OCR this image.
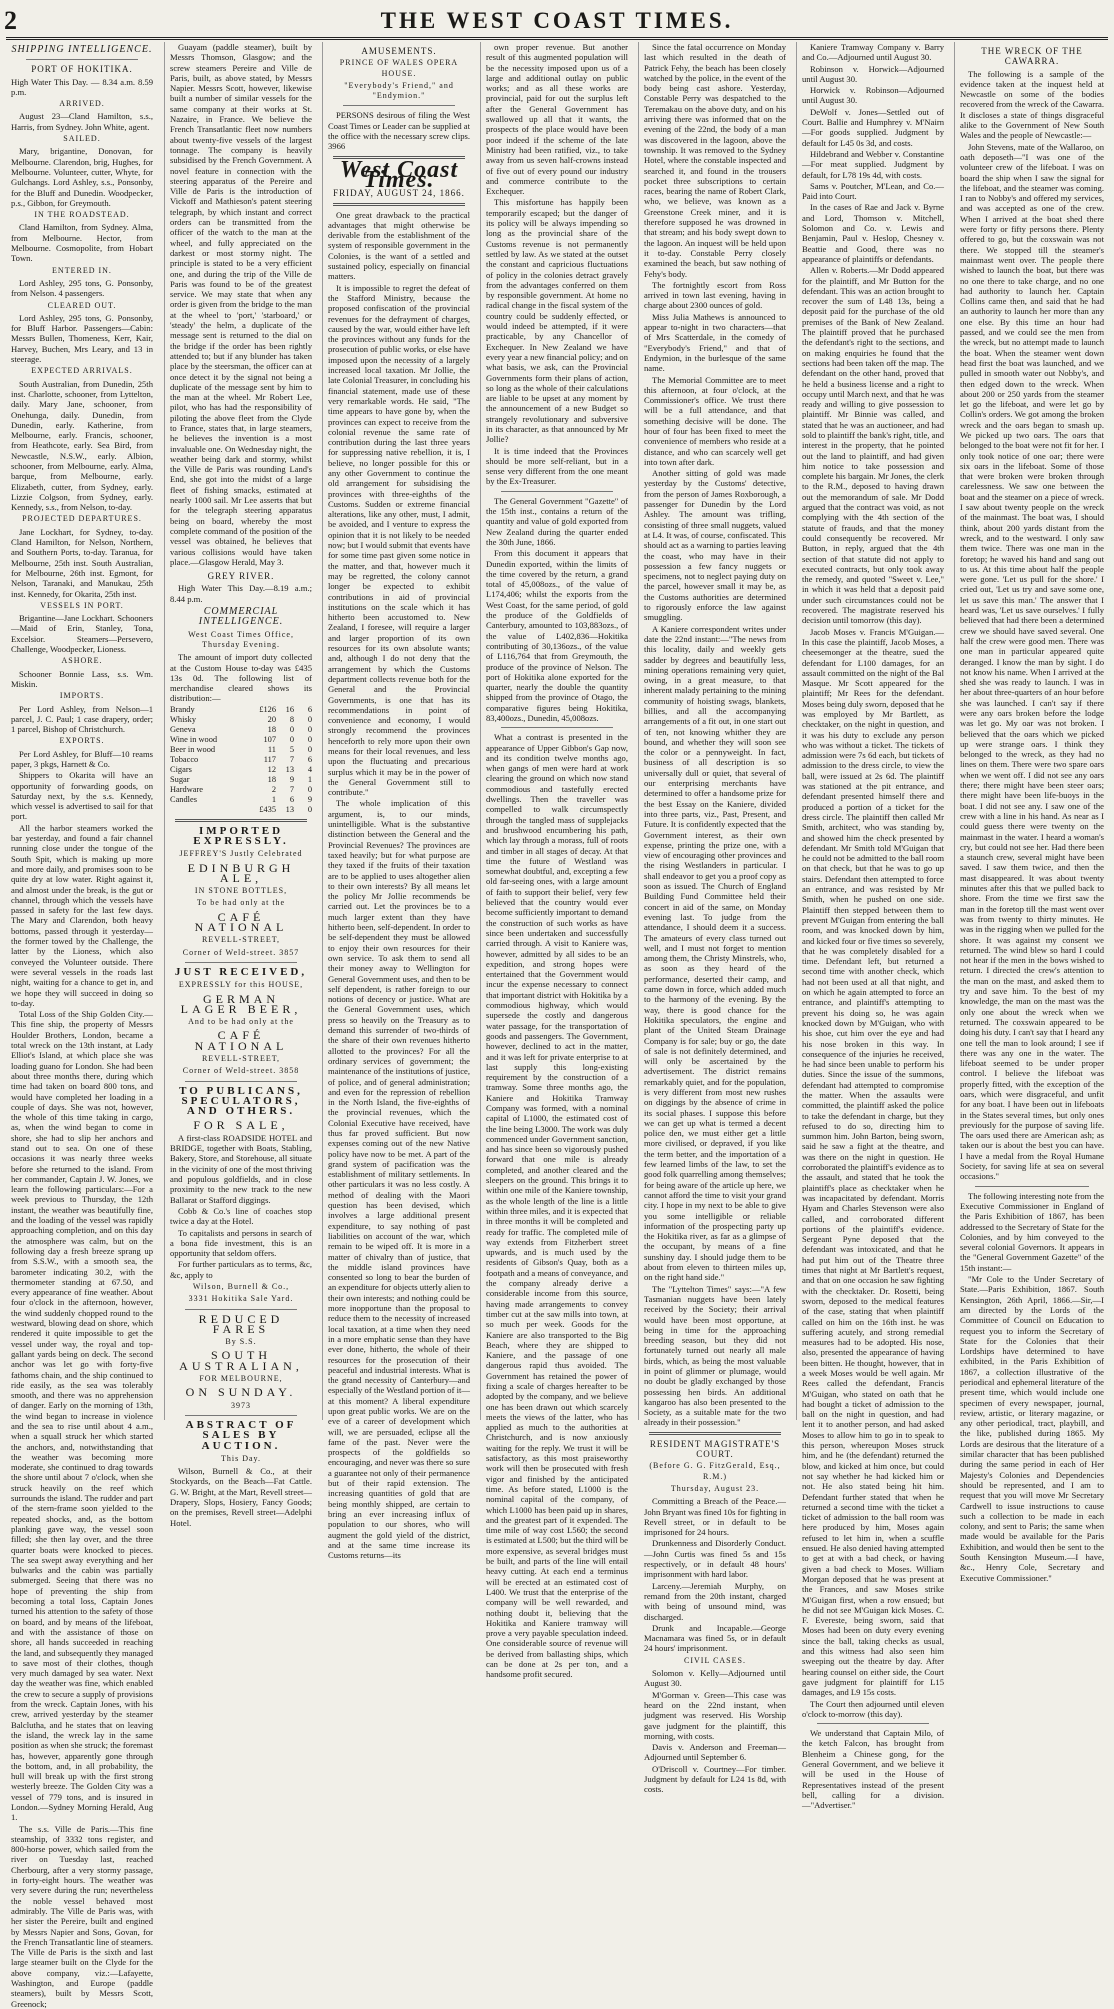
2	THE WEST COAST TIMES.
SHIPPING INTELLIGENCE.
PORT OF HOKITIKA.

High Water This Day. — 8.34 a.m. 8.59 p.m.

ARRIVED.

August 23—Cland Hamilton, s.s., Harris, from Sydney. John White, agent.

SAILED.

Mary, brigantine, Donovan, for Melbourne. Clarendon, brig, Hughes, for Melbourne. Volunteer, cutter, Whyte, for Gulchangs. Lord Ashley, s.s., Ponsonby, for the Bluff and Dunedin. Woodpecker, p.s., Gibbon, for Greymouth.

IN THE ROADSTEAD.

Cland Hamilton, from Sydney. Alma, from Melbourne. Hector, from Melbourne. Cosmopolite, from Hobart Town.

ENTERED IN.

Lord Ashley, 295 tons, G. Ponsonby, from Nelson. 4 passengers.

CLEARED OUT.

Lord Ashley, 295 tons, G. Ponsonby, for Bluff Harbor. Passengers—Cabin: Messrs Bullen, Thomeness, Kerr, Kair, Harvey, Buchen, Mrs Leary, and 13 in steerage.

EXPECTED ARRIVALS.

South Australian, from Dunedin, 25th inst. Charlotte, schooner, from Lyttelton, daily. Mary Jane, schooner, from Onehunga, daily. Dunedin, from Dunedin, early. Katherine, from Melbourne, early. Francis, schooner, from Heathcote, early. Sea Bird, from Newcastle, N.S.W., early. Albion, schooner, from Melbourne, early. Alma, barque, from Melbourne, early. Elizabeth, cutter, from Sydney, early. Lizzie Colgson, from Sydney, early. Kennedy, s.s., from Nelson, to-day.

PROJECTED DEPARTURES.

Jane Lockhart, for Sydney, to-day. Cland Hamilton, for Nelson, Northern, and Southern Ports, to-day. Taranua, for Melbourne, 25th inst. South Australian, for Melbourne, 26th inst. Egmont, for Nelson, Taranaki, and Manukau, 25th inst. Kennedy, for Okarita, 25th inst.

VESSELS IN PORT.

Brigantine—Jane Lockhart. Schooners—Maid of Erin, Stanley, Tona, Excelsior. Steamers—Persevero, Challenge, Woodpecker, Lioness.

ASHORE.

Schooner Bonnie Lass, s.s. Wm. Miskin.

IMPORTS.

Per Lord Ashley, from Nelson—1 parcel, J. C. Paul; 1 case drapery, order; 1 parcel, Bishop of Christchurch.

EXPORTS.

Per Lord Ashley, for Bluff—10 reams paper, 3 pkgs, Harnett & Co.

Shippers to Okarita will have an opportunity of forwarding goods, on Saturday next, by the s.s. Kennedy, which vessel is advertised to sail for that port.

All the harbor steamers worked the bar yesterday, and found a fair channel running close under the tongue of the South Spit, which is making up more and more daily, and promises soon to be quite dry at low water. Right against it, and almost under the break, is the gut or channel, through which the vessels have passed in safety for the last few days. The Mary and Clarendon, both heavy bottoms, passed through it yesterday—the former towed by the Challenge, the latter by the Lioness, which also conveyed the Volunteer outside. There were several vessels in the roads last night, waiting for a chance to get in, and we hope they will succeed in doing so to-day.

Total Loss of the Ship Golden City.—This fine ship, the property of Messrs Houlder Brothers, London, became a total wreck on the 13th instant, at Lady Elliot's Island, at which place she was loading guano for London. She had been about three months there, during which time had taken on board 800 tons, and would have completed her loading in a couple of days. She was not, however, the whole of this time taking in cargo, as, when the wind began to come in shore, she had to slip her anchors and stand out to sea. On one of these occasions it was nearly three weeks before she returned to the island. From her commander, Captain J. W. Jones, we learn the following particulars:—For a week previous to Thursday, the 12th instant, the weather was beautifully fine, and the loading of the vessel was rapidly approaching completion, and on this day the atmosphere was calm, but on the following day a fresh breeze sprang up from S.S.W., with a smooth sea, the barometer indicating 30.2, with the thermometer standing at 67.50, and every appearance of fine weather. About four o'clock in the afternoon, however, the wind suddenly chopped round to the westward, blowing dead on shore, which rendered it quite impossible to get the vessel under way, the royal and top-gallant yards being on deck. The second anchor was let go with forty-five fathoms chain, and the ship continued to ride easily, as the sea was tolerably smooth, and there was no apprehension of danger. Early on the morning of 13th, the wind began to increase in violence and the sea to rise until about 4 a.m., when a squall struck her which started the anchors, and, notwithstanding that the weather was becoming more moderate, she continued to drag towards the shore until about 7 o'clock, when she struck heavily on the reef which surrounds the island. The rudder and part of the stern-frame soon yielded to the repeated shocks, and, as the bottom planking gave way, the vessel soon filled; she then lay over, and the three quarter boats were knocked to pieces. The sea swept away everything and her bulwarks and the cabin was partially submerged. Seeing that there was no hope of preventing the ship from becoming a total loss, Captain Jones turned his attention to the safety of those on board, and by means of the lifeboat, and with the assistance of those on shore, all hands succeeded in reaching the land, and subsequently they managed to save most of their clothes, though very much damaged by sea water. Next day the weather was fine, which enabled the crew to secure a supply of provisions from the wreck. Captain Jones, with his crew, arrived yesterday by the steamer Balclutha, and he states that on leaving the island, the wreck lay in the same position as when she struck; the foremast has, however, apparently gone through the bottom, and, in all probability, the hull will break up with the first strong westerly breeze. The Golden City was a vessel of 779 tons, and is insured in London.—Sydney Morning Herald, Aug 1.

The s.s. Ville de Paris.—This fine steamship, of 3332 tons register, and 800-horse power, which sailed from the river on Tuesday last, reached Cherbourg, after a very stormy passage, in forty-eight hours. The weather was very severe during the run; nevertheless the noble vessel behaved most admirably. The Ville de Paris was, with her sister the Pereire, built and engined by Messrs Napier and Sons, Govan, for the French Transatlantic line of steamers. The Ville de Paris is the sixth and last large steamer built on the Clyde for the above company, viz.:—Lafayette, Washington, and Europe (paddle steamers), built by Messrs Scott, Greenock;

Guayam (paddle steamer), built by Messrs Thomson, Glasgow; and the screw steamers Pereire and Ville de Paris, built, as above stated, by Messrs Napier. Messrs Scott, however, likewise built a number of similar vessels for the same company at their works at St. Nazaire, in France. We believe the French Transatlantic fleet now numbers about twenty-five vessels of the largest tonnage. The company is heavily subsidised by the French Government. A novel feature in connection with the steering apparatus of the Pereire and Ville de Paris is the introduction of Vickoff and Mathieson's patent steering telegraph, by which instant and correct orders can be transmitted from the officer of the watch to the man at the wheel, and fully appreciated on the darkest or most stormy night. The principle is stated to be a very efficient one, and during the trip of the Ville de Paris was found to be of the greatest service. We may state that when any order is given from the bridge to the man at the wheel to 'port,' 'starboard,' or 'steady' the helm, a duplicate of the message sent is returned to the dial on the bridge if the order has been rightly attended to; but if any blunder has taken place by the steersman, the officer can at once detect it by the signal not being a duplicate of the message sent by him to the man at the wheel. Mr Robert Lee, pilot, who has had the responsibility of piloting the above fleet from the Clyde to France, states that, in large steamers, he believes the invention is a most invaluable one. On Wednesday night, the weather being dark and stormy, whilst the Ville de Paris was rounding Land's End, she got into the midst of a large fleet of fishing smacks, estimated at nearly 1000 sail. Mr Lee asserts that but for the telegraph steering apparatus being on board, whereby the most complete command of the position of the vessel was obtained, he believes that various collisions would have taken place.—Glasgow Herald, May 3.

GREY RIVER.

High Water This Day.—8.19 a.m.; 8.44 p.m.

COMMERCIAL INTELLIGENCE.
West Coast Times Office, Thursday Evening.

The amount of import duty collected at the Custom House to-day was £435 13s 0d. The following list of merchandise cleared shows its distribution:—

Brandy	£126	16	6
Whisky	20	8	0
Geneva	18	0	0
Wine in wood	107	0	0
Beer in wood	11	5	0
Tobacco	117	7	6
Cigars	12	13	4
Sugar	18	9	1
Hardware	2	7	0
Candles	1	6	9
	£435	13	0
IMPORTED EXPRESSLY.
JEFFREY'S Justly Celebrated
EDINBURGH ALE,
IN STONE BOTTLES,
To be had only at the
CAFÉ NATIONAL
REVELL-STREET,
Corner of Weld-street. 3857
JUST RECEIVED,
EXPRESSLY for this HOUSE,
GERMAN LAGER BEER,
And to be had only at the
CAFÉ NATIONAL
REVELL-STREET,
Corner of Weld-street. 3858
TO PUBLICANS, SPECULATORS, AND OTHERS.
FOR SALE,

A first-class ROADSIDE HOTEL and BRIDGE, together with Boats, Stabling, Bakery, Store, and Storehouse, all situate in the vicinity of one of the most thriving and populous goldfields, and in close proximity to the new track to the new Ballarat or Stafford diggings.

Cobb & Co.'s line of coaches stop twice a day at the Hotel.

To capitalists and persons in search of a bona fide investment, this is an opportunity that seldom offers.

For further particulars as to terms, &c, &c, apply to

Wilson, Burnell & Co.,
3331 Hokitika Sale Yard.
REDUCED FARES
By S.S.
SOUTH AUSTRALIAN,
FOR MELBOURNE,
ON SUNDAY.
3973
ABSTRACT OF SALES BY AUCTION.
This Day.

Wilson, Burnell & Co., at their Stockyards, on the Beach—Fat Cattle. G. W. Bright, at the Mart, Revell street—Drapery, Slops, Hosiery, Fancy Goods; on the premises, Revell street—Adelphi Hotel.

AMUSEMENTS.
PRINCE OF WALES OPERA HOUSE.
"Everybody's Friend," and "Endymion."

PERSONS desirous of filing the West Coast Times or Leader can be supplied at the office with the necessary screw clips. 3966

West Coast Times.
FRIDAY, AUGUST 24, 1866.

One great drawback to the practical advantages that might otherwise be derivable from the establishment of the system of responsible government in the Colonies, is the want of a settled and sustained policy, especially on financial matters.

It is impossible to regret the defeat of the Stafford Ministry, because the proposed confiscation of the provincial revenues for the defrayment of charges, caused by the war, would either have left the provinces without any funds for the prosecution of public works, or else have imposed upon the necessity of a largely increased local taxation. Mr Jollie, the late Colonial Treasurer, in concluding his financial statement, made use of these very remarkable words. He said, "The time appears to have gone by, when the provinces can expect to receive from the colonial revenue the same rate of contribution during the last three years for suppressing native rebellion, it is, I believe, no longer possible for this or any other Government to continue the old arrangement for subsidising the provinces with three-eighths of the Customs. Sudden or extreme financial alterations, like any other, must, I admit, be avoided, and I venture to express the opinion that it is not likely to be needed now; but I would submit that events have for some time past given some notice in the matter, and that, however much it may be regretted, the colony cannot longer be expected to exhibit contributions in aid of provincial institutions on the scale which it has hitherto been accustomed to. New Zealand, I foresee, will require a larger and larger proportion of its own resources for its own absolute wants; and, although I do not deny that the arrangement by which the Customs department collects revenue both for the General and the Provincial Governments, is one that has its recommendations in point of convenience and economy, I would strongly recommend the provinces henceforth to rely more upon their own means for their local revenues, and less upon the fluctuating and precarious surplus which it may be in the power of the General Government still to contribute."

The whole implication of this argument, is, to our minds, unintelligible. What is the substantive distinction between the General and the Provincial Revenues? The provinces are taxed heavily; but for what purpose are they taxed if the fruits of their taxation are to be applied to uses altogether alien to their own interests? By all means let the policy Mr Jollie recommends be carried out. Let the provinces be to a much larger extent than they have hitherto been, self-dependent. In order to be self-dependent they must be allowed to enjoy their own resources for their own service. To ask them to send all their money away to Wellington for General Government uses, and then to be self dependent, is rather foreign to our notions of decency or justice. What are the General Government uses, which press so heavily on the Treasury as to demand this surrender of two-thirds of the share of their own revenues hitherto allotted to the provinces? For all the ordinary services of government; the maintenance of the institutions of justice, of police, and of general administration; and even for the repression of rebellion in the North Island, the five-eighths of the provincial revenues, which the Colonial Executive have received, have thus far proved sufficient. But now expenses coming out of the new Native policy have now to be met. A part of the grand system of pacification was the establishment of military settlements. In other particulars it was no less costly. A method of dealing with the Maori question has been devised, which involves a large additional present expenditure, to say nothing of past liabilities on account of the war, which remain to be wiped off. It is more in a matter of chivalry than of justice, that the middle island provinces have consented so long to bear the burden of an expenditure for objects utterly alien to their own interests; and nothing could be more inopportune than the proposal to reduce them to the necessity of increased local taxation, at a time when they need in a more emphatic sense than they have ever done, hitherto, the whole of their resources for the prosecution of their peaceful and industrial interests. What is the grand necessity of Canterbury—and especially of the Westland portion of it—at this moment? A liberal expenditure upon great public works. We are on the eve of a career of development which will, we are persuaded, eclipse all the fame of the past. Never were the prospects of the goldfields so encouraging, and never was there so sure a guarantee not only of their permanence but of their rapid extension. The increasing quantities of gold that are being monthly shipped, are certain to bring an ever increasing influx of population to our shores, who will augment the gold yield of the district, and at the same time increase its Customs returns—its

own proper revenue. But another result of this augmented population will be the necessity imposed upon us of a large and additional outlay on public works; and as all these works are provincial, paid for out the surplus left after the General Government has swallowed up all that it wants, the prospects of the place would have been poor indeed if the scheme of the late Ministry had been ratified, viz., to take away from us seven half-crowns instead of five out of every pound our industry and commerce contribute to the Exchequer.

This misfortune has happily been temporarily escaped; but the danger of its policy will be always impending so long as the provincial share of the Customs revenue is not permanently settled by law. As we stated at the outset the constant and capricious fluctuations of policy in the colonies detract gravely from the advantages conferred on them by responsible government. At home no radical change in the fiscal system of the country could be suddenly effected, or would indeed be attempted, if it were practicable, by any Chancellor of Exchequer. In New Zealand we have every year a new financial policy; and on what basis, we ask, can the Provincial Governments form their plans of action, so long as the whole of their calculations are liable to be upset at any moment by the announcement of a new Budget so strangely revolutionary and subversive in its character, as that announced by Mr Jollie?

It is time indeed that the Provinces should be more self-reliant, but in a sense very different from the one meant by the Ex-Treasurer.

The General Government "Gazette" of the 15th inst., contains a return of the quantity and value of gold exported from New Zealand during the quarter ended the 30th June, 1866.

From this document it appears that Dunedin exported, within the limits of the time covered by the return, a grand total of 45,008ozs., of the value of L174,406; whilst the exports from the West Coast, for the same period, of gold the produce of the Goldfields of Canterbury, amounted to 103,883ozs., of the value of L402,836—Hokitika contributing of 30,136ozs., of the value of L116,764 that from Greymouth, the produce of the province of Nelson. The port of Hokitika alone exported for the quarter, nearly the double the quantity shipped from the province of Otago, the comparative figures being Hokitika, 83,400ozs., Dunedin, 45,008ozs.

What a contrast is presented in the appearance of Upper Gibbon's Gap now, and its condition twelve months ago, when gangs of men were hard at work clearing the ground on which now stand commodious and tastefully erected dwellings. Then the traveller was compelled to walk circumspectly through the tangled mass of supplejacks and brushwood encumbering his path, which lay through a morass, full of roots and timber in all stages of decay. At that time the future of Westland was somewhat doubtful, and, excepting a few old far-seeing ones, with a large amount of faith to support their belief, very few believed that the country would ever become sufficiently important to demand the construction of such works as have since been undertaken and successfully carried through. A visit to Kaniere was, however, admitted by all sides to be an expedition, and strong hopes were entertained that the Government would incur the expense necessary to connect that important district with Hokitika by a commodious highway, which would supersede the costly and dangerous water passage, for the transportation of goods and passengers. The Government, however, declined to act in the matter, and it was left for private enterprise to at last supply this long-existing requirement by the construction of a tramway. Some three months ago, the Kaniere and Hokitika Tramway Company was formed, with a nominal capital of L1000, the estimated cost of the line being L3000. The work was duly commenced under Government sanction, and has since been so vigorously pushed forward that one mile is already completed, and another cleared and the sleepers on the ground. This brings it to within one mile of the Kaniere township, as the whole length of the line is a little within three miles, and it is expected that in three months it will be completed and ready for traffic. The completed mile of way extends from Fitzherbert street upwards, and is much used by the residents of Gibson's Quay, both as a footpath and a means of conveyance, and the company already derive a considerable income from this source, having made arrangements to convey timber cut at the saw mills into town, at so much per week. Goods for the Kaniere are also transported to the Big Beach, where they are shipped to Kaniere, and the passage of one dangerous rapid thus avoided. The Government has retained the power of fixing a scale of charges hereafter to be adopted by the company, and we believe one has been drawn out which scarcely meets the views of the latter, who has applied as much to the authorities at Christchurch, and is now anxiously waiting for the reply. We trust it will be satisfactory, as this most praiseworthy work will then be prosecuted with fresh vigor and finished by the anticipated time. As before stated, L1000 is the nominal capital of the company, of which L1000 has been paid up in shares, and the greatest part of it expended. The time mile of way cost L560; the second is estimated at L500; but the third will be more expensive, as several bridges must be built, and parts of the line will entail heavy cutting. At each end a terminus will be erected at an estimated cost of L400. We trust that the enterprise of the company will be well rewarded, and nothing doubt it, believing that the Hokitika and Kaniere tramway will prove a very payable speculation indeed. One considerable source of revenue will be derived from ballasting ships, which can be done at 2s per ton, and a handsome profit secured.

Since the fatal occurrence on Monday last which resulted in the death of Patrick Fehy, the beach has been closely watched by the police, in the event of the body being cast ashore. Yesterday, Constable Perry was despatched to the Teremakau on the above duty, and on his arriving there was informed that on the evening of the 22nd, the body of a man was discovered in the lagoon, above the township. It was removed to the Sydney Hotel, where the constable inspected and searched it, and found in the trousers pocket three subscriptions to certain races, bearing the name of Robert Clark, who, we believe, was known as a Greenstone Creek miner, and it is therefore supposed he was drowned in that stream; and his body swept down to the lagoon. An inquest will be held upon it to-day. Constable Perry closely examined the beach, but saw nothing of Fehy's body.

The fortnightly escort from Ross arrived in town last evening, having in charge about 2300 ounces of gold.

Miss Julia Mathews is announced to appear to-night in two characters—that of Mrs Scatterdale, in the comedy of "Everybody's Friend," and that of Endymion, in the burlesque of the same name.

The Memorial Committee are to meet this afternoon, at four o'clock, at the Commissioner's office. We trust there will be a full attendance, and that something decisive will be done. The hour of four has been fixed to meet the convenience of members who reside at a distance, and who can scarcely well get into town after dark.

Another sitting of gold was made yesterday by the Customs' detective, from the person of James Roxborough, a passenger for Dunedin by the Lord Ashley. The amount was trifling, consisting of three small nuggets, valued at L4. It was, of course, confiscated. This should act as a warning to parties leaving the coast, who may have in their possession a few fancy nuggets or specimens, not to neglect paying duty on the parcel, however small it may be, as the Customs authorities are determined to rigorously enforce the law against smuggling.

A Kaniere correspondent writes under date the 22nd instant:—"The news from this locality, daily and weekly gets sadder by degrees and beautifully less, mining operations remaining very quiet, owing, in a great measure, to that inherent malady pertaining to the mining community of hoisting swags, blankets, billies, and all the accompanying arrangements of a fit out, in one start out of ten, not knowing whither they are bound, and whether they will soon see the color or a pennyweight. In fact, business of all description is so universally dull or quiet, that several of our enterprising merchants have determined to offer a handsome prize for the best Essay on the Kaniere, divided into three parts, viz., Past, Present, and Future. It is confidently expected that the Government interest, as their own expense, printing the prize one, with a view of encouraging other provinces and the rising Westlanders in particular. I shall endeavor to get you a proof copy as soon as issued. The Church of England Building Fund Committee held their concert in aid of the same, on Monday evening last. To judge from the attendance, I should deem it a success. The amateurs of every class turned out well, and I must not forget to mention among them, the Christy Minstrels, who, as soon as they heard of the performance, deserted their camp, and came down in force, which added much to the harmony of the evening. By the way, there is good chance for the Hokitika speculators, the engine and plant of the United Steam Drainage Company is for sale; buy or go, the date of sale is not definitely determined, and will only be ascertained by the advertisement. The district remains remarkably quiet, and for the population, is very different from most new rushes on diggings by the absence of crime in its social phases. I suppose this before we can get up what is termed a decent police den, we must either get a little more civilised, or depraved, if you like the term better, and the importation of a few learned limbs of the law, to set the good folk quarrelling among themselves; for being aware of the article up here, we cannot afford the time to visit your grand city. I hope in my next to be able to give you some intelligible or reliable information of the prospecting party up the Hokitika river, as far as a glimpse of the occupant, by means of a fine sunshiny day. I should judge them to be about from eleven to thirteen miles up, on the right hand side."

The "Lyttelton Times" says:—"A few Tasmanian nuggets have been lately received by the Society; their arrival would have been most opportune, at being in time for the approaching breeding season, but they did not fortunately turned out nearly all male birds, which, as being the most valuable in point of glimmer or plumage, would no doubt be gladly exchanged by those possessing hen birds. An additional kangaroo has also been presented to the Society, as a suitable mate for the two already in their possession."

RESIDENT MAGISTRATE'S COURT.
(Before G. G. FitzGerald, Esq., R.M.)
Thursday, August 23.

Committing a Breach of the Peace.—John Bryant was fined 10s for fighting in Revell street, or in default to be imprisoned for 24 hours.

Drunkenness and Disorderly Conduct.—John Curtis was fined 5s and 15s respectively, or in default 48 hours' imprisonment with hard labor.

Larceny.—Jeremiah Murphy, on remand from the 20th instant, charged with being of unsound mind, was discharged.

Drunk and Incapable.—George Macnamara was fined 5s, or in default 24 hours' imprisonment.

CIVIL CASES.

Solomon v. Kelly—Adjourned until August 30.

M'Gorman v. Green—This case was heard on the 22nd instant, when judgment was reserved. His Worship gave judgment for the plaintiff, this morning, with costs.

Davis v. Anderson and Freeman—Adjourned until September 6.

O'Driscoll v. Courtney—For timber. Judgment by default for L24 1s 8d, with costs.

Kaniere Tramway Company v. Barry and Co.—Adjourned until August 30.

Robinson v. Horwick—Adjourned until August 30.

Horwick v. Robinson—Adjourned until August 30.

DeWolf v. Jones—Settled out of Court. Ballie and Humphrey v. M'Nairn—For goods supplied. Judgment by default for L45 0s 3d, and costs.

Hildebrand and Webber v. Constantine—For meat supplied. Judgment by default, for L78 19s 4d, with costs.

Sams v. Poutcher, M'Lean, and Co.—Paid into Court.

In the cases of Rae and Jack v. Byrne and Lord, Thomson v. Mitchell, Solomon and Co. v. Lewis and Benjamin, Paul v. Heslop, Chesney v. Beattie and Good, there was no appearance of plaintiffs or defendants.

Allen v. Roberts.—Mr Dodd appeared for the plaintiff, and Mr Button for the defendant. This was an action brought to recover the sum of L48 13s, being a deposit paid for the purchase of the old premises of the Bank of New Zealand. The plaintiff proved that he purchased the defendant's right to the sections, and on making enquiries he found that the sections had been taken off the map. The defendant on the other hand, proved that he held a business license and a right to occupy until March next, and that he was ready and willing to give possession to plaintiff. Mr Binnie was called, and stated that he was an auctioneer, and had sold to plaintiff the bank's right, title, and interest in the property, that he pointed out the land to plaintiff, and had given him notice to take possession and complete his bargain. Mr Jones, the clerk to the R.M., deposed to having drawn out the memorandum of sale. Mr Dodd argued that the contract was void, as not complying with the 4th section of the statute of frauds, and that the money could consequently be recovered. Mr Button, in reply, argued that the 4th section of that statute did not apply to executed contracts, but only took away the remedy, and quoted "Sweet v. Lee," in which it was held that a deposit paid under such circumstances could not be recovered. The magistrate reserved his decision until tomorrow (this day).

Jacob Moses v. Francis M'Guigan.—In this case the plaintiff, Jacob Moses, a cheesemonger at the theatre, sued the defendant for L100 damages, for an assault committed on the night of the Bal Masque. Mr Scott appeared for the plaintiff; Mr Rees for the defendant. Moses being duly sworn, deposed that he was employed by Mr Bartlett, as checktaker, on the night in question, and it was his duty to exclude any person who was without a ticket. The tickets of admission were 7s 6d each, but tickets of admission to the dress circle, to view the ball, were issued at 2s 6d. The plaintiff was stationed at the pit entrance, and defendant presented himself there and produced a portion of a ticket for the dress circle. The plaintiff then called Mr Smith, architect, who was standing by, and showed him the check presented by defendant. Mr Smith told M'Guigan that he could not be admitted to the ball room on that check, but that he was to go up stairs. Defendant then attempted to force an entrance, and was resisted by Mr Smith, when he pushed on one side. Plaintiff then stepped between them to prevent M'Guigan from entering the ball room, and was knocked down by him, and kicked four or five times so severely, that he was completely disabled for a time. Defendant left, but returned a second time with another check, which had not been used at all that night, and on which he again attempted to force an entrance, and plaintiff's attempting to prevent his doing so, he was again knocked down by M'Guigan, who with his shoe, cut him over the eye and had his nose broken in this way. In consequence of the injuries he received, he had since been unable to perform his duties. Since the issue of the summons, defendant had attempted to compromise the matter. When the assaults were committed, the plaintiff asked the police to take the defendant in charge, but they refused to do so, directing him to summon him. John Barton, being sworn, said he saw a fight at the theatre, and was there on the night in question. He corroborated the plaintiff's evidence as to the assault, and stated that he took the plaintiff's place as checktaker when he was incapacitated by defendant. Morris Hyam and Charles Stevenson were also called, and corroborated different portions of the plaintiff's evidence. Sergeant Pyne deposed that the defendant was intoxicated, and that he had put him out of the Theatre three times that night at Mr Bartlett's request, and that on one occasion he saw fighting with the checktaker. Dr. Rosetti, being sworn, deposed to the medical features of the case, stating that when plaintiff called on him on the 16th inst. he was suffering acutely, and strong remedial measures had to be adopted. His nose, also, presented the appearance of having been bitten. He thought, however, that in a week Moses would be well again. Mr Rees called the defendant, Francis M'Guigan, who stated on oath that he had bought a ticket of admission to the ball on the night in question, and had lent it to another person, and had asked Moses to allow him to go in to speak to this person, whereupon Moses struck him, and he (the defendant) returned the blow, and kicked at him once, but could not say whether he had kicked him or not. He also stated being hit him. Defendant further stated that when he returned a second time with the ticket a ticket of admission to the ball room was here produced by him, Moses again refused to let him in, when a scuffle ensued. He also denied having attempted to get at with a bad check, or having given a bad check to Moses. William Morgan deposed that he was present at the Frances, and saw Moses strike M'Guigan first, when a row ensued; but he did not see M'Guigan kick Moses. C. F. Evereste, being sworn, said that Moses had been on duty every evening since the ball, taking checks as usual, and this witness had also seen him sweeping out the theatre by day. After hearing counsel on either side, the Court gave judgment for plaintiff for L15 damages, and L9 15s costs.

The Court then adjourned until eleven o'clock to-morrow (this day).

We understand that Captain Milo, of the ketch Falcon, has brought from Blenheim a Chinese gong, for the General Government, and we believe it will be used in the House of Representatives instead of the present bell, calling for a division.—"Advertiser."

THE WRECK OF THE CAWARRA.

The following is a sample of the evidence taken at the inquest held at Newcastle on some of the bodies recovered from the wreck of the Cawarra. It discloses a state of things disgraceful alike to the Government of New South Wales and the people of Newcastle:—

John Stevens, mate of the Wallaroo, on oath deposeth—"I was one of the volunteer crew of the lifeboat. I was on board the ship when I saw the signal for the lifeboat, and the steamer was coming. I ran to Nobby's and offered my services, and was accepted as one of the crew. When I arrived at the boat shed there were forty or fifty persons there. Plenty offered to go, but the coxswain was not there. We stopped till the steamer's mainmast went over. The people there wished to launch the boat, but there was no one there to take charge, and no one had authority to launch her. Captain Collins came then, and said that he had an authority to launch her more than any one else. By this time an hour had passed, and we could see the men from the wreck, but no attempt made to launch the boat. When the steamer went down head first the boat was launched, and we pulled in smooth water out Nobby's, and then edged down to the wreck. When about 200 or 250 yards from the steamer let go the lifeboat, and were let go by Collin's orders. We got among the broken wreck and the oars began to smash up. We picked up two oars. The oars that belonged to the boat were not fit for her. I only took notice of one oar; there were six oars in the lifeboat. Some of those that were broken were broken through carelessness. We saw one between the boat and the steamer on a piece of wreck. I saw about twenty people on the wreck of the mainmast. The boat was, I should think, about 200 yards distant from the wreck, and to the westward. I only saw them twice. There was one man in the foretop; he waved his hand and sang out to us. At this time about half the people were gone. 'Let us pull for the shore.' I cried out, 'Let us try and save some one, let us save this man.' The answer that I heard was, 'Let us save ourselves.' I fully believed that had there been a determined crew we should have saved several. One half the crew were good men. There was one man in particular appeared quite deranged. I know the man by sight. I do not know his name. When I arrived at the shed she was ready to launch. I was in her about three-quarters of an hour before she was launched. I can't say if there were any oars broken before the lodge was let go. My oar was not broken. I believed that the oars which we picked up were strange oars. I think they belonged to the wreck, as they had no lines on them. There were two spare oars when we went off. I did not see any oars there; there might have been steer oars; there might have been life-buoys in the boat. I did not see any. I saw one of the crew with a line in his hand. As near as I could guess there were twenty on the mainmast in the water. I heard a woman's cry, but could not see her. Had there been a staunch crew, several might have been saved. I saw them twice, and then the mast disappeared. It was about twenty minutes after this that we pulled back to shore. From the time we first saw the man in the foretop till the mast went over was from twenty to thirty minutes. He was in the rigging when we pulled for the shore. It was against my consent we returned. The wind blew so hard I could not hear if the men in the bows wished to return. I directed the crew's attention to the man on the mast, and asked them to try and save him. To the best of my knowledge, the man on the mast was the only one about the wreck when we returned. The coxswain appeared to be doing his duty. I can't say that I heard any one tell the man to look around; I see if there was any one in the water. The lifeboat seemed to be under proper control. I believe the lifeboat was properly fitted, with the exception of the oars, which were disgraceful, and unfit for any boat. I have been out in lifeboats in the States several times, but only ones previously for the purpose of saving life. The oars used there are American ash; as taken our is about the best you can have. I have a medal from the Royal Humane Society, for saving life at sea on several occasions."

The following interesting note from the Executive Commissioner in England of the Paris Exhibition of 1867, has been addressed to the Secretary of State for the Colonies, and by him conveyed to the several colonial Governors. It appears in the "General Government Gazette" of the 15th instant:—

"Mr Cole to the Under Secretary of State.—Paris Exhibition, 1867. South Kensington, 26th April, 1866.—Sir,—I am directed by the Lords of the Committee of Council on Education to request you to inform the Secretary of State for the Colonies that their Lordships have determined to have exhibited, in the Paris Exhibition of 1867, a collection illustrative of the periodical and ephemeral literature of the present time, which would include one specimen of every newspaper, journal, review, artistic, or literary magazine, or any other periodical, tract, playbill, and the like, published during 1865. My Lords are desirous that the literature of a similar character that has been published during the same period in each of Her Majesty's Colonies and Dependencies should be represented, and I am to request that you will move Mr Secretary Cardwell to issue instructions to cause such a collection to be made in each colony, and sent to Paris; the same when made would be available for the Paris Exhibition, and would then be sent to the South Kensington Museum.—I have, &c., Henry Cole, Secretary and Executive Commissioner."
